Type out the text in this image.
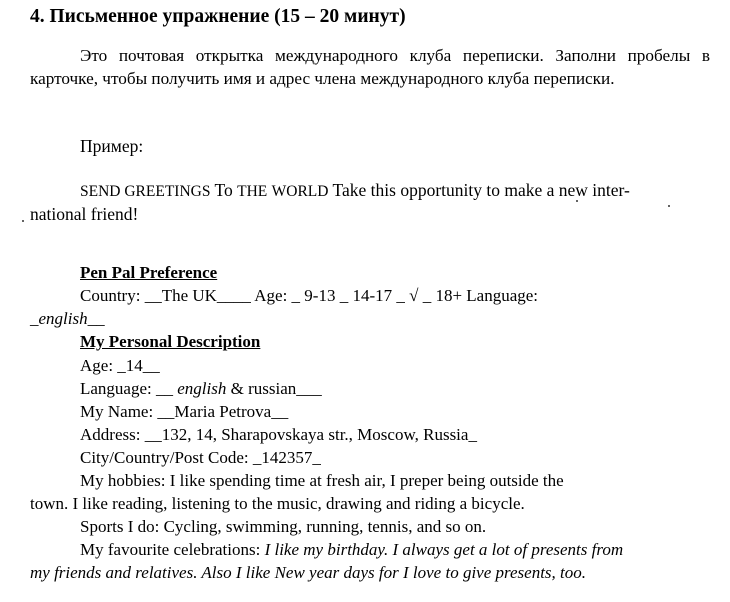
4. Письменное упражнение (15 – 20 минут)
Это почтовая открытка международного клуба переписки. Заполни пробелы в карточке, чтобы получить имя и адрес члена международного клуба переписки.
Пример:
SEND GREETINGS To THE WORLD Take this opportunity to make a new inter-
national friend!
Pen Pal Preference
Country: __The UK____ Age: _ 9-13 _ 14-17 _ √ _ 18+ Language:
_english__
My Personal Description
Age: _14__
Language: __ english & russian___
My Name: __Maria Petrova__
Address: __132, 14, Sharapovskaya str., Moscow, Russia_
City/Country/Post Code: _142357_
My hobbies: I like spending time at fresh air, I preper being outside the
town. I like reading, listening to the music, drawing and riding a bicycle.
Sports I do: Cycling, swimming, running, tennis, and so on.
My favourite celebrations: I like my birthday. I always get a lot of presents from
my friends and relatives. Also I like New year days for I love to give presents, too.
